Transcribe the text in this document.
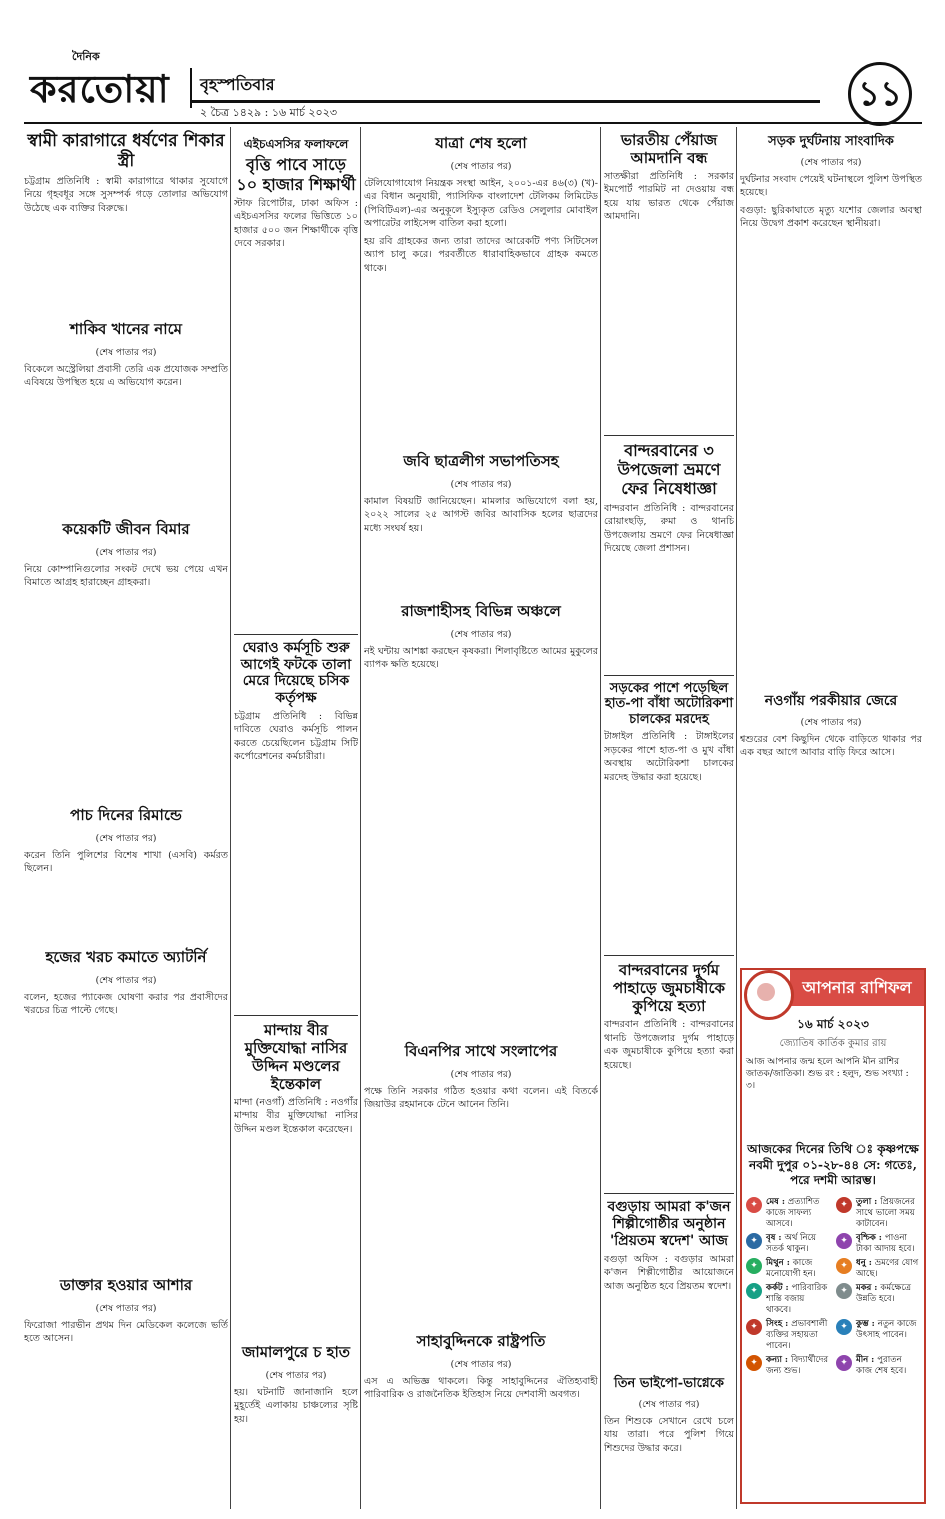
দৈনিক
করতোয়া বৃহস্পতিবার
২ চৈত্র ১৪২৯ : ১৬ মার্চ ২০২৩	১১
স্বামী কারাগারে ধর্ষণের শিকার স্ত্রী

চট্টগ্রাম প্রতিনিধি : স্বামী কারাগারে থাকার সুযোগে নিয়ে গৃহবধূর সঙ্গে সুসম্পর্ক গড়ে তোলার অভিযোগ উঠেছে এক ব্যক্তির বিরুদ্ধে।

শাকিব খানের নামে
(শেষ পাতার পর)

বিকেলে অস্ট্রেলিয়া প্রবাসী তেরি এক প্রযোজক সম্প্রতি এবিষয়ে উপস্থিত হয়ে এ অভিযোগ করেন।

কয়েকটি জীবন বিমার
(শেষ পাতার পর)

নিয়ে কোম্পানিগুলোর সংকট দেখে ভয় পেয়ে এখন বিমাতে আগ্রহ হারাচ্ছেন গ্রাহকরা।

পাচ দিনের রিমান্ডে
(শেষ পাতার পর)

করেন তিনি পুলিশের বিশেষ শাখা (এসবি) কর্মরত ছিলেন।

হজের খরচ কমাতে অ্যাটর্নি
(শেষ পাতার পর)

বলেন, হজের প্যাকেজ ঘোষণা করার পর প্রবাসীদের খরচের চিত্র পাল্টে গেছে।

ডাক্তার হওয়ার আশার
(শেষ পাতার পর)

ফিরোজা পারভীন প্রথম দিন মেডিকেল কলেজে ভর্তি হতে আসেন।

এইচএসসির ফলাফলে
বৃত্তি পাবে সাড়ে ১০ হাজার শিক্ষার্থী

স্টাফ রিপোর্টার, ঢাকা অফিস : এইচএসসির ফলের ভিত্তিতে ১০ হাজার ৫০০ জন শিক্ষার্থীকে বৃত্তি দেবে সরকার।

ঘেরাও কর্মসূচি শুরু আগেই ফটকে তালা মেরে দিয়েছে চসিক কর্তৃপক্ষ

চট্টগ্রাম প্রতিনিধি : বিভিন্ন দাবিতে ঘেরাও কর্মসূচি পালন করতে চেয়েছিলেন চট্টগ্রাম সিটি কর্পোরেশনের কর্মচারীরা।

মান্দায় বীর মুক্তিযোদ্ধা নাসির উদ্দিন মণ্ডলের ইন্তেকাল

মান্দা (নওগাঁ) প্রতিনিধি : নওগাঁর মান্দায় বীর মুক্তিযোদ্ধা নাসির উদ্দিন মণ্ডল ইন্তেকাল করেছেন।

জামালপুরে চ হাত
(শেষ পাতার পর)

হয়। ঘটনাটি জানাজানি হলে মুহূর্তেই এলাকায় চাঞ্চল্যের সৃষ্টি হয়।

যাত্রা শেষ হলো
(শেষ পাতার পর)

টেলিযোগাযোগ নিয়ন্ত্রক সংস্থা আইন, ২০০১-এর ৪৬(৩) (খ)-এর বিধান অনুযায়ী, প্যাসিফিক বাংলাদেশ টেলিকম লিমিটেড (পিবিটিএল)-এর অনুকূলে ইস্যুকৃত রেডিও সেলুলার মোবাইল অপারেটর লাইসেন্স বাতিল করা হলো।

হয় রবি গ্রাহকের জন্য তারা তাদের আরেকটি পণ্য সিটিসেল অ্যাপ চালু করে। পরবর্তীতে ধারাবাহিকভাবে গ্রাহক কমতে থাকে।

জবি ছাত্রলীগ সভাপতিসহ
(শেষ পাতার পর)

কামাল বিষয়টি জানিয়েছেন। মামলার অভিযোগে বলা হয়, ২০২২ সালের ২৫ আগস্ট জবির আবাসিক হলের ছাত্রদের মধ্যে সংঘর্ষ হয়।

রাজশাহীসহ বিভিন্ন অঞ্চলে
(শেষ পাতার পর)

নই ঘন্টায় আশঙ্কা করছেন কৃষকরা। শিলাবৃষ্টিতে আমের মুকুলের ব্যাপক ক্ষতি হয়েছে।

বিএনপির সাথে সংলাপের
(শেষ পাতার পর)

পক্ষে তিনি সরকার গঠিত হওয়ার কথা বলেন। এই বিতর্কে জিয়াউর রহমানকে টেনে আনেন তিনি।

সাহাবুদ্দিনকে রাষ্ট্রপতি
(শেষ পাতার পর)

এস এ অভিজ্ঞ থাকলে। কিন্তু সাহাবুদ্দিনের ঐতিহ্যবাহী পারিবারিক ও রাজনৈতিক ইতিহাস নিয়ে দেশবাসী অবগত।

ভারতীয় পেঁয়াজ আমদানি বন্ধ

সাতক্ষীরা প্রতিনিধি : সরকার ইমপোর্ট পারমিট না দেওয়ায় বন্ধ হয়ে যায় ভারত থেকে পেঁয়াজ আমদানি।

বান্দরবানের ৩ উপজেলা ভ্রমণে ফের নিষেধাজ্ঞা

বান্দরবান প্রতিনিধি : বান্দরবানের রোয়াংছড়ি, রুমা ও থানচি উপজেলায় ভ্রমণে ফের নিষেধাজ্ঞা দিয়েছে জেলা প্রশাসন।

সড়কের পাশে পড়েছিল হাত-পা বাঁধা অটোরিকশা চালকের মরদেহ

টাঙ্গাইল প্রতিনিধি : টাঙ্গাইলের সড়কের পাশে হাত-পা ও মুখ বাঁধা অবস্থায় অটোরিকশা চালকের মরদেহ উদ্ধার করা হয়েছে।

বান্দরবানের দুর্গম পাহাড়ে জুমচাষীকে কুপিয়ে হত্যা

বান্দরবান প্রতিনিধি : বান্দরবানের থানচি উপজেলার দুর্গম পাহাড়ে এক জুমচাষীকে কুপিয়ে হত্যা করা হয়েছে।

বগুড়ায় আমরা ক'জন শিল্পীগোষ্ঠীর অনুষ্ঠান 'প্রিয়তম স্বদেশ' আজ

বগুড়া অফিস : বগুড়ার আমরা ক'জন শিল্পীগোষ্ঠীর আয়োজনে আজ অনুষ্ঠিত হবে প্রিয়তম স্বদেশ।

তিন ভাইপো-ভাগ্নেকে
(শেষ পাতার পর)

তিন শিশুকে সেখানে রেখে চলে যায় তারা। পরে পুলিশ গিয়ে শিশুদের উদ্ধার করে।

সড়ক দুর্ঘটনায় সাংবাদিক
(শেষ পাতার পর)

দুর্ঘটনার সংবাদ পেয়েই ঘটনাস্থলে পুলিশ উপস্থিত হয়েছে।

বগুড়া: ছুরিকাঘাতে মৃত্যু যশোর জেলার অবস্থা নিয়ে উদ্বেগ প্রকাশ করেছেন স্থানীয়রা।

নওগাঁয় পরকীয়ার জেরে
(শেষ পাতার পর)

শ্বশুরের বেশ কিছুদিন থেকে বাড়িতে থাকার পর এক বছর আগে আবার বাড়ি ফিরে আসে।

আপনার রাশিফল
১৬ মার্চ ২০২৩
জ্যোতিষ কার্তিক কুমার রায়
আজ আপনার জন্ম হলে আপনি মীন রাশির জাতক/জাতিকা। শুভ রং : হলুদ, শুভ সংখ্যা : ৩।
আজকের দিনের তিথি ঃ কৃষ্ণপক্ষে নবমী দুপুর ০১-২৮-৪৪ সে: গতেঃ, পরে দশমী আরম্ভ।
✦ মেষ : প্রত্যাশিত কাজে সাফল্য আসবে।
✦ তুলা : প্রিয়জনের সাথে ভালো সময় কাটাবেন।
✦ বৃষ : অর্থ নিয়ে সতর্ক থাকুন।
✦ বৃশ্চিক : পাওনা টাকা আদায় হবে।
✦ মিথুন : কাজে মনোযোগী হন।
✦ ধনু : ভ্রমণের যোগ আছে।
✦ কর্কট : পারিবারিক শান্তি বজায় থাকবে।
✦ মকর : কর্মক্ষেত্রে উন্নতি হবে।
✦ সিংহ : প্রভাবশালী ব্যক্তির সহায়তা পাবেন।
✦ কুম্ভ : নতুন কাজে উৎসাহ পাবেন।
✦ কন্যা : বিদ্যার্থীদের জন্য শুভ।
✦ মীন : পুরাতন কাজ শেষ হবে।
